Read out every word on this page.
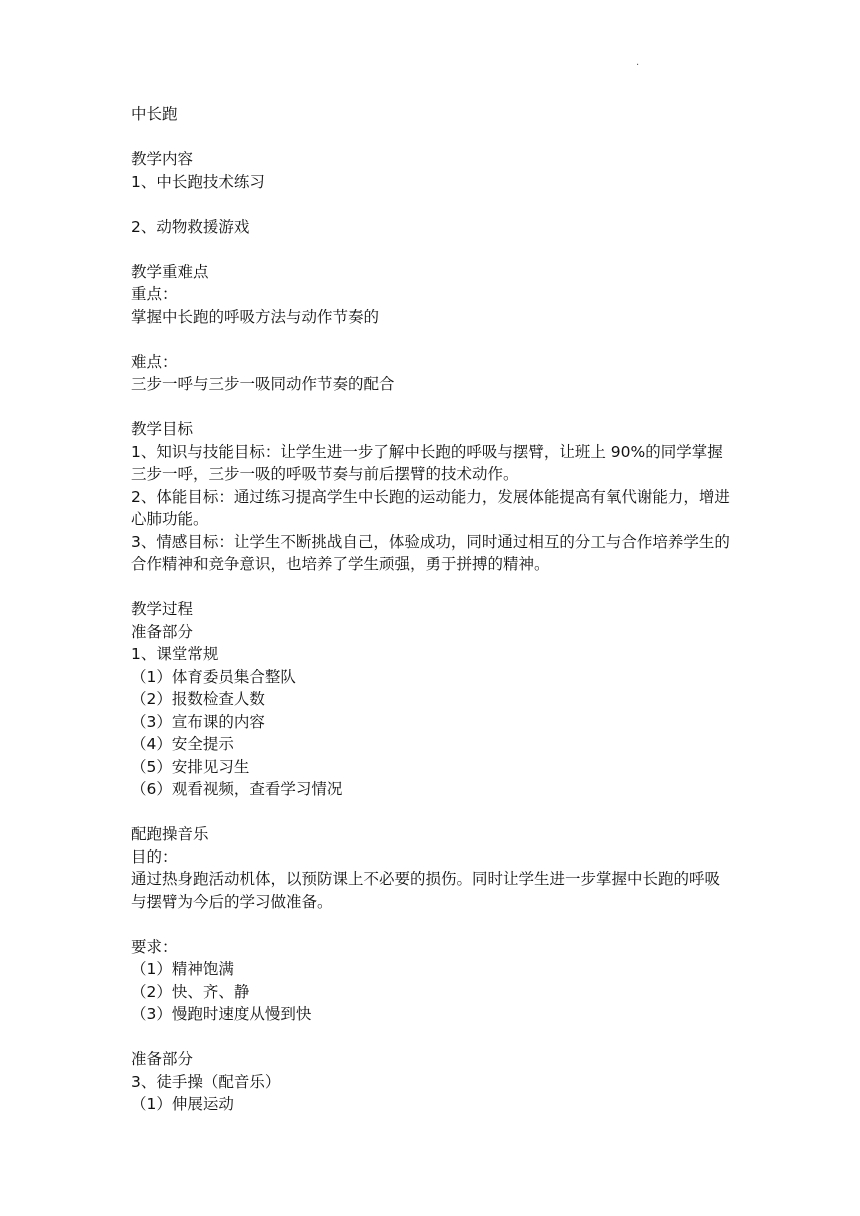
.
中长跑
教学内容
1、中长跑技术练习
2、动物救援游戏
教学重难点
重点：
掌握中长跑的呼吸方法与动作节奏的
难点：
三步一呼与三步一吸同动作节奏的配合
教学目标
1、知识与技能目标：让学生进一步了解中长跑的呼吸与摆臂，让班上 90%的同学掌握三步一呼，三步一吸的呼吸节奏与前后摆臂的技术动作。
2、体能目标：通过练习提高学生中长跑的运动能力，发展体能提高有氧代谢能力，增进心肺功能。
3、情感目标：让学生不断挑战自己，体验成功，同时通过相互的分工与合作培养学生的合作精神和竞争意识，也培养了学生顽强，勇于拼搏的精神。
教学过程
准备部分
1、课堂常规
（1）体育委员集合整队
（2）报数检查人数
（3）宣布课的内容
（4）安全提示
（5）安排见习生
（6）观看视频，查看学习情况
配跑操音乐
目的：
通过热身跑活动机体，以预防课上不必要的损伤。同时让学生进一步掌握中长跑的呼吸与摆臂为今后的学习做准备。
要求：
（1）精神饱满
（2）快、齐、静
（3）慢跑时速度从慢到快
准备部分
3、徒手操（配音乐）
（1）伸展运动
